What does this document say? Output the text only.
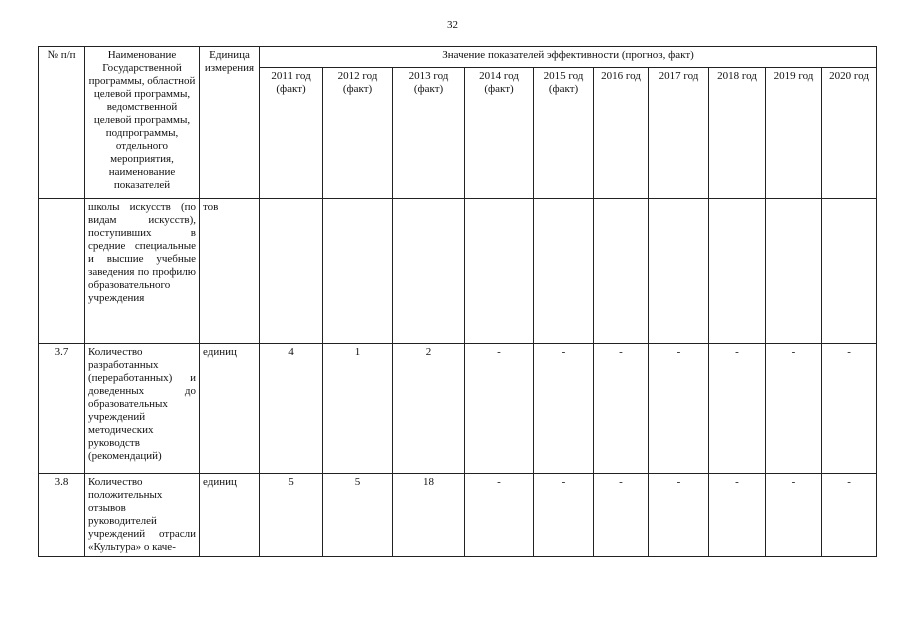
32
№ п/п	Наименование Государственной программы, областной целевой программы, ведомственной целевой программы, подпрограммы, отдельного мероприятия, наименование показателей	Единица измерения	Значение показателей эффективности (прогноз, факт)									
			2011 год (факт)	2012 год (факт)	2013 год (факт)	2014 год (факт)	2015 год (факт)	2016 год	2017 год	2018 год	2019 год	2020 год
	школы искусств (по видам искусств), поступивших в средние специальные и высшие учебные заведения по профилю образовательного учреждения	тов										
3.7	Количество разработанных (переработанных) и доведенных до образовательных учреждений методических руководств (рекомендаций)	единиц	4	1	2	-	-	-	-	-	-	-
3.8	Количество положительных отзывов руководителей учреждений отрасли «Культура» о каче-	единиц	5	5	18	-	-	-	-	-	-	-
